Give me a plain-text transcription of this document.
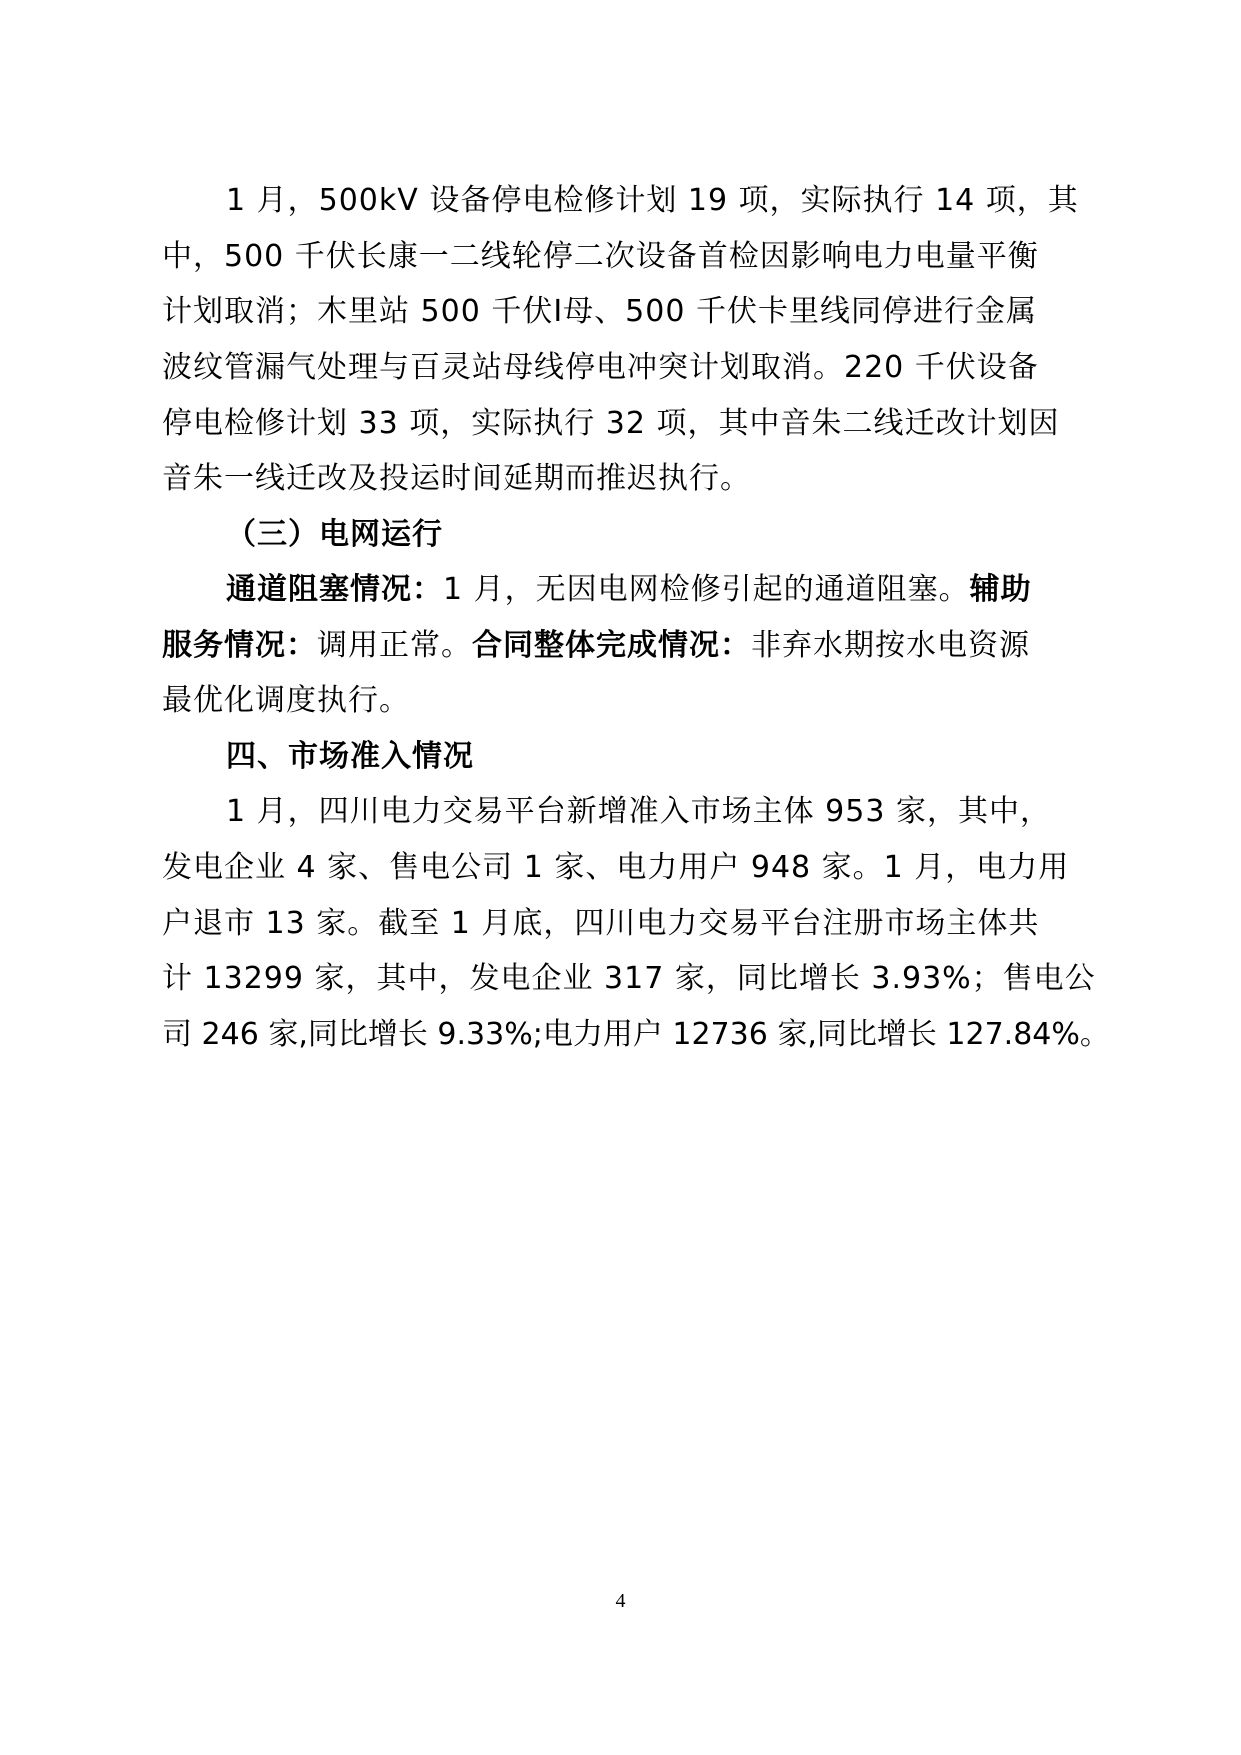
1 月，500kV 设备停电检修计划 19 项，实际执行 14 项，其
中，500 千伏长康一二线轮停二次设备首检因影响电力电量平衡
计划取消；木里站 500 千伏Ⅰ母、500 千伏卡里线同停进行金属
波纹管漏气处理与百灵站母线停电冲突计划取消。220 千伏设备
停电检修计划 33 项，实际执行 32 项，其中音朱二线迁改计划因
音朱一线迁改及投运时间延期而推迟执行。
（三）电网运行
通道阻塞情况：1 月，无因电网检修引起的通道阻塞。辅助
服务情况：调用正常。合同整体完成情况：非弃水期按水电资源
最优化调度执行。
四、市场准入情况
1 月，四川电力交易平台新增准入市场主体 953 家，其中，
发电企业 4 家、售电公司 1 家、电力用户 948 家。1 月，电力用
户退市 13 家。截至 1 月底，四川电力交易平台注册市场主体共
计 13299 家，其中，发电企业 317 家，同比增长 3.93%；售电公
司 246 家,同比增长 9.33%;电力用户 12736 家,同比增长 127.84%。
4
